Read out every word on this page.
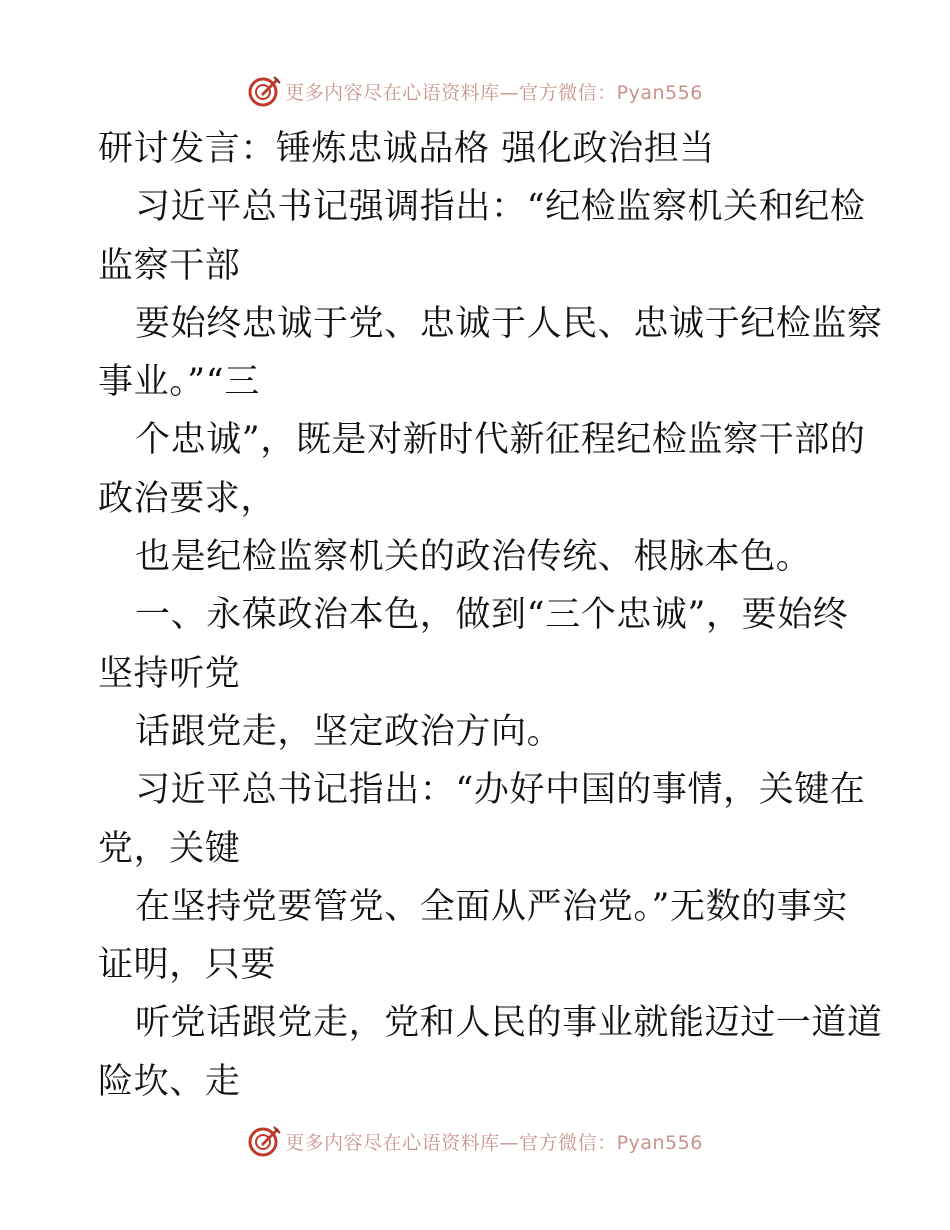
更多内容尽在心语资料库—官方微信：Pyan556
研讨发言：锤炼忠诚品格 强化政治担当
习近平总书记强调指出：“纪检监察机关和纪检
监察干部
要始终忠诚于党、忠诚于人民、忠诚于纪检监察
事业。”“三
个忠诚”，既是对新时代新征程纪检监察干部的
政治要求，
也是纪检监察机关的政治传统、根脉本色。
一、永葆政治本色，做到“三个忠诚”，要始终
坚持听党
话跟党走，坚定政治方向。
习近平总书记指出：“办好中国的事情，关键在
党，关键
在坚持党要管党、全面从严治党。”无数的事实
证明，只要
听党话跟党走，党和人民的事业就能迈过一道道
险坎、走
更多内容尽在心语资料库—官方微信：Pyan556
